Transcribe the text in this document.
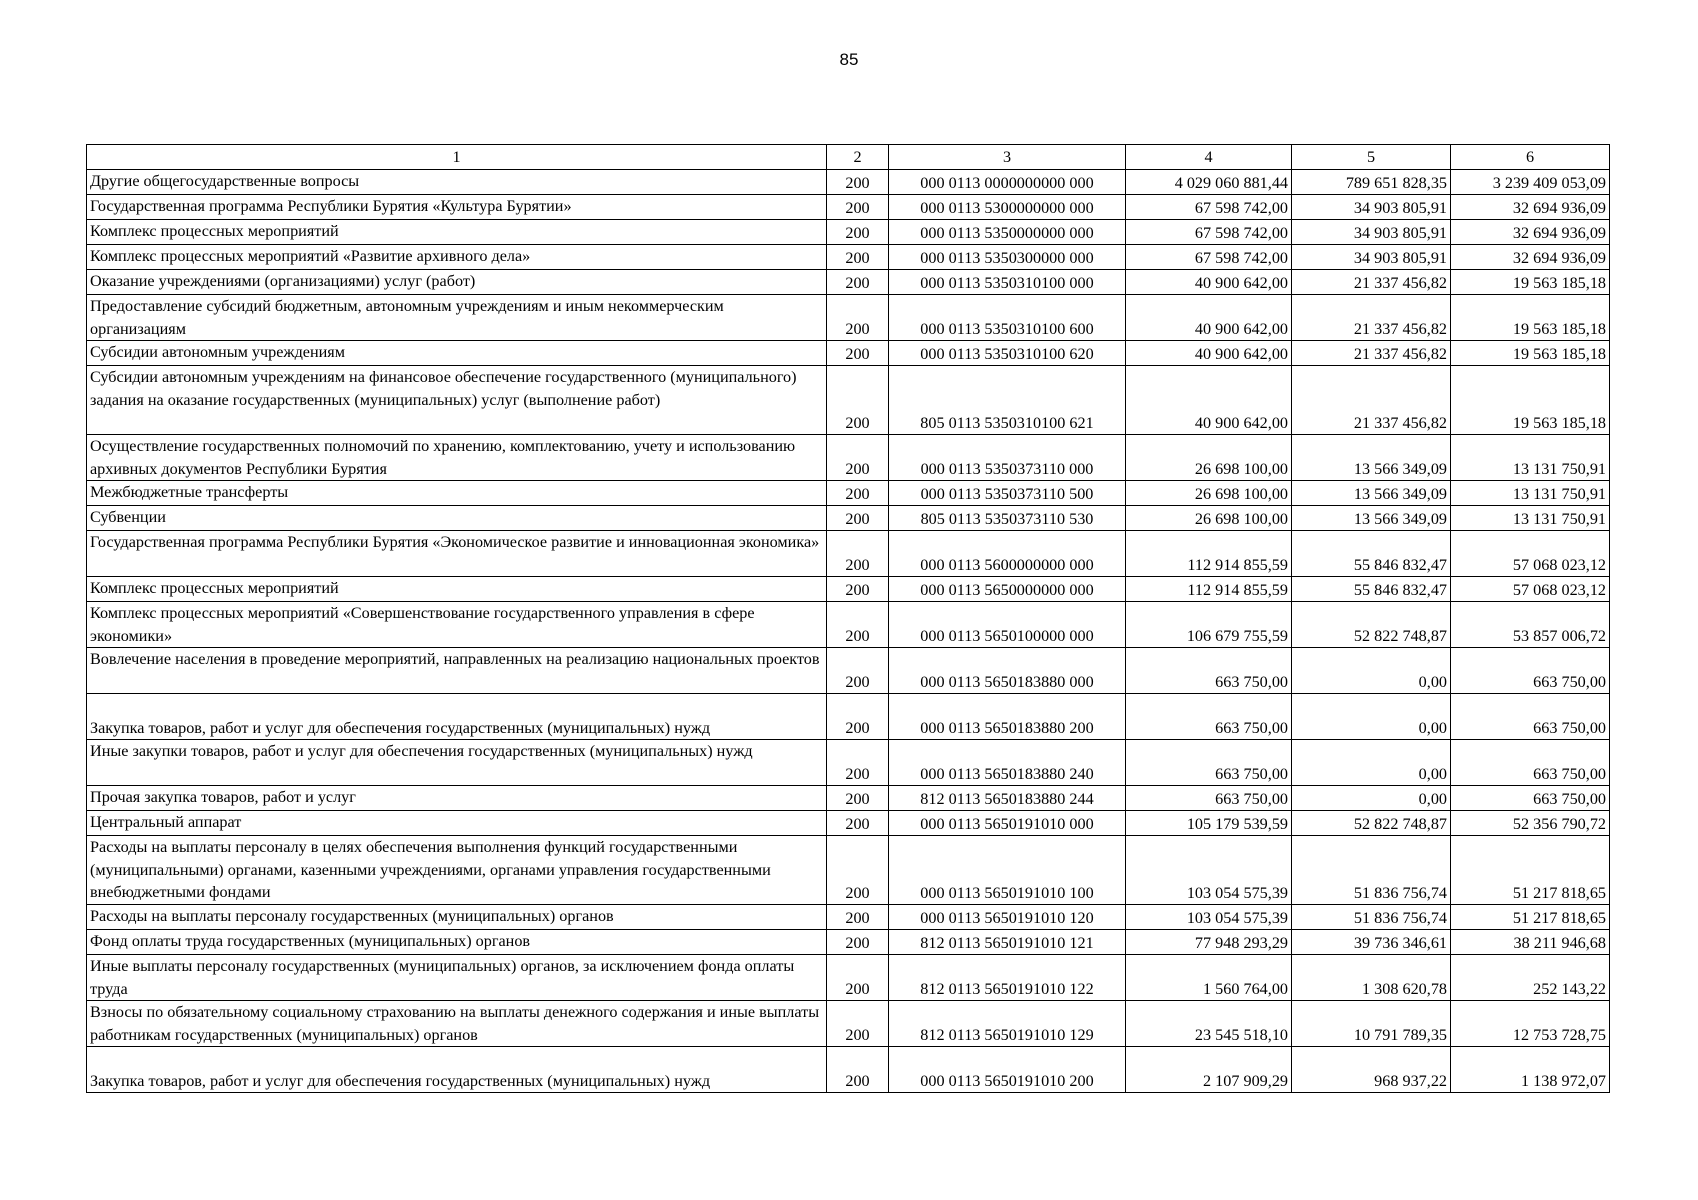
85
1	2	3	4	5	6
Другие общегосударственные вопросы	200	000 0113 0000000000 000	4 029 060 881,44	789 651 828,35	3 239 409 053,09
Государственная программа Республики Бурятия «Культура Бурятии»	200	000 0113 5300000000 000	67 598 742,00	34 903 805,91	32 694 936,09
Комплекс процессных мероприятий	200	000 0113 5350000000 000	67 598 742,00	34 903 805,91	32 694 936,09
Комплекс процессных мероприятий «Развитие архивного дела»	200	000 0113 5350300000 000	67 598 742,00	34 903 805,91	32 694 936,09
Оказание учреждениями (организациями) услуг (работ)	200	000 0113 5350310100 000	40 900 642,00	21 337 456,82	19 563 185,18
Предоставление субсидий бюджетным, автономным учреждениям и иным некоммерческим организациям	200	000 0113 5350310100 600	40 900 642,00	21 337 456,82	19 563 185,18
Субсидии автономным учреждениям	200	000 0113 5350310100 620	40 900 642,00	21 337 456,82	19 563 185,18
Субсидии автономным учреждениям на финансовое обеспечение государственного (муниципального) задания на оказание государственных (муниципальных) услуг (выполнение работ)	200	805 0113 5350310100 621	40 900 642,00	21 337 456,82	19 563 185,18
Осуществление государственных полномочий по хранению, комплектованию, учету и использованию архивных документов Республики Бурятия	200	000 0113 5350373110 000	26 698 100,00	13 566 349,09	13 131 750,91
Межбюджетные трансферты	200	000 0113 5350373110 500	26 698 100,00	13 566 349,09	13 131 750,91
Субвенции	200	805 0113 5350373110 530	26 698 100,00	13 566 349,09	13 131 750,91
Государственная программа Республики Бурятия «Экономическое развитие и инновационная экономика»	200	000 0113 5600000000 000	112 914 855,59	55 846 832,47	57 068 023,12
Комплекс процессных мероприятий	200	000 0113 5650000000 000	112 914 855,59	55 846 832,47	57 068 023,12
Комплекс процессных мероприятий «Совершенствование государственного управления в сфере экономики»	200	000 0113 5650100000 000	106 679 755,59	52 822 748,87	53 857 006,72
Вовлечение населения в проведение мероприятий, направленных на реализацию национальных проектов	200	000 0113 5650183880 000	663 750,00	0,00	663 750,00
Закупка товаров, работ и услуг для обеспечения государственных (муниципальных) нужд	200	000 0113 5650183880 200	663 750,00	0,00	663 750,00
Иные закупки товаров, работ и услуг для обеспечения государственных (муниципальных) нужд	200	000 0113 5650183880 240	663 750,00	0,00	663 750,00
Прочая закупка товаров, работ и услуг	200	812 0113 5650183880 244	663 750,00	0,00	663 750,00
Центральный аппарат	200	000 0113 5650191010 000	105 179 539,59	52 822 748,87	52 356 790,72
Расходы на выплаты персоналу в целях обеспечения выполнения функций государственными (муниципальными) органами, казенными учреждениями, органами управления государственными внебюджетными фондами	200	000 0113 5650191010 100	103 054 575,39	51 836 756,74	51 217 818,65
Расходы на выплаты персоналу государственных (муниципальных) органов	200	000 0113 5650191010 120	103 054 575,39	51 836 756,74	51 217 818,65
Фонд оплаты труда государственных (муниципальных) органов	200	812 0113 5650191010 121	77 948 293,29	39 736 346,61	38 211 946,68
Иные выплаты персоналу государственных (муниципальных) органов, за исключением фонда оплаты труда	200	812 0113 5650191010 122	1 560 764,00	1 308 620,78	252 143,22
Взносы по обязательному социальному страхованию на выплаты денежного содержания и иные выплаты работникам государственных (муниципальных) органов	200	812 0113 5650191010 129	23 545 518,10	10 791 789,35	12 753 728,75
Закупка товаров, работ и услуг для обеспечения государственных (муниципальных) нужд	200	000 0113 5650191010 200	2 107 909,29	968 937,22	1 138 972,07
